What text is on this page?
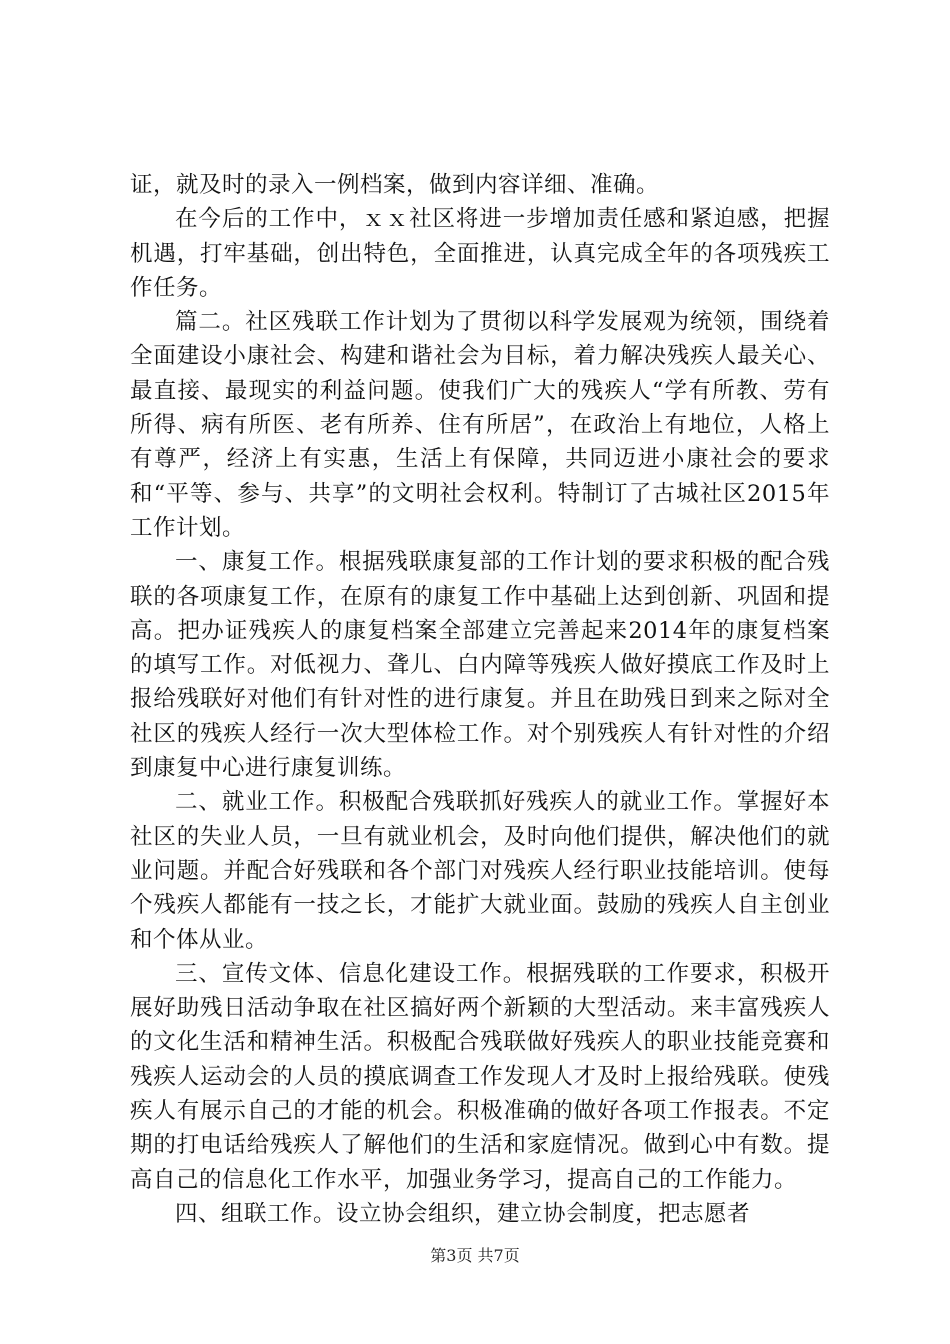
证，就及时的录入一例档案，做到内容详细、准确。

在今后的工作中，ｘｘ社区将进一步增加责任感和紧迫感，把握机遇，打牢基础，创出特色，全面推进，认真完成全年的各项残疾工作任务。

篇二。社区残联工作计划为了贯彻以科学发展观为统领，围绕着全面建设小康社会、构建和谐社会为目标，着力解决残疾人最关心、最直接、最现实的利益问题。使我们广大的残疾人“学有所教、劳有所得、病有所医、老有所养、住有所居”，在政治上有地位，人格上有尊严，经济上有实惠，生活上有保障，共同迈进小康社会的要求和“平等、参与、共享”的文明社会权利。特制订了古城社区2015年工作计划。

一、康复工作。根据残联康复部的工作计划的要求积极的配合残联的各项康复工作，在原有的康复工作中基础上达到创新、巩固和提高。把办证残疾人的康复档案全部建立完善起来2014年的康复档案的填写工作。对低视力、聋儿、白内障等残疾人做好摸底工作及时上报给残联好对他们有针对性的进行康复。并且在助残日到来之际对全社区的残疾人经行一次大型体检工作。对个别残疾人有针对性的介绍到康复中心进行康复训练。

二、就业工作。积极配合残联抓好残疾人的就业工作。掌握好本社区的失业人员，一旦有就业机会，及时向他们提供，解决他们的就业问题。并配合好残联和各个部门对残疾人经行职业技能培训。使每个残疾人都能有一技之长，才能扩大就业面。鼓励的残疾人自主创业和个体从业。

三、宣传文体、信息化建设工作。根据残联的工作要求，积极开展好助残日活动争取在社区搞好两个新颖的大型活动。来丰富残疾人的文化生活和精神生活。积极配合残联做好残疾人的职业技能竞赛和残疾人运动会的人员的摸底调查工作发现人才及时上报给残联。使残疾人有展示自己的才能的机会。积极准确的做好各项工作报表。不定期的打电话给残疾人了解他们的生活和家庭情况。做到心中有数。提高自己的信息化工作水平，加强业务学习，提高自己的工作能力。

四、组联工作。设立协会组织，建立协会制度，把志愿者

第3页 共7页
